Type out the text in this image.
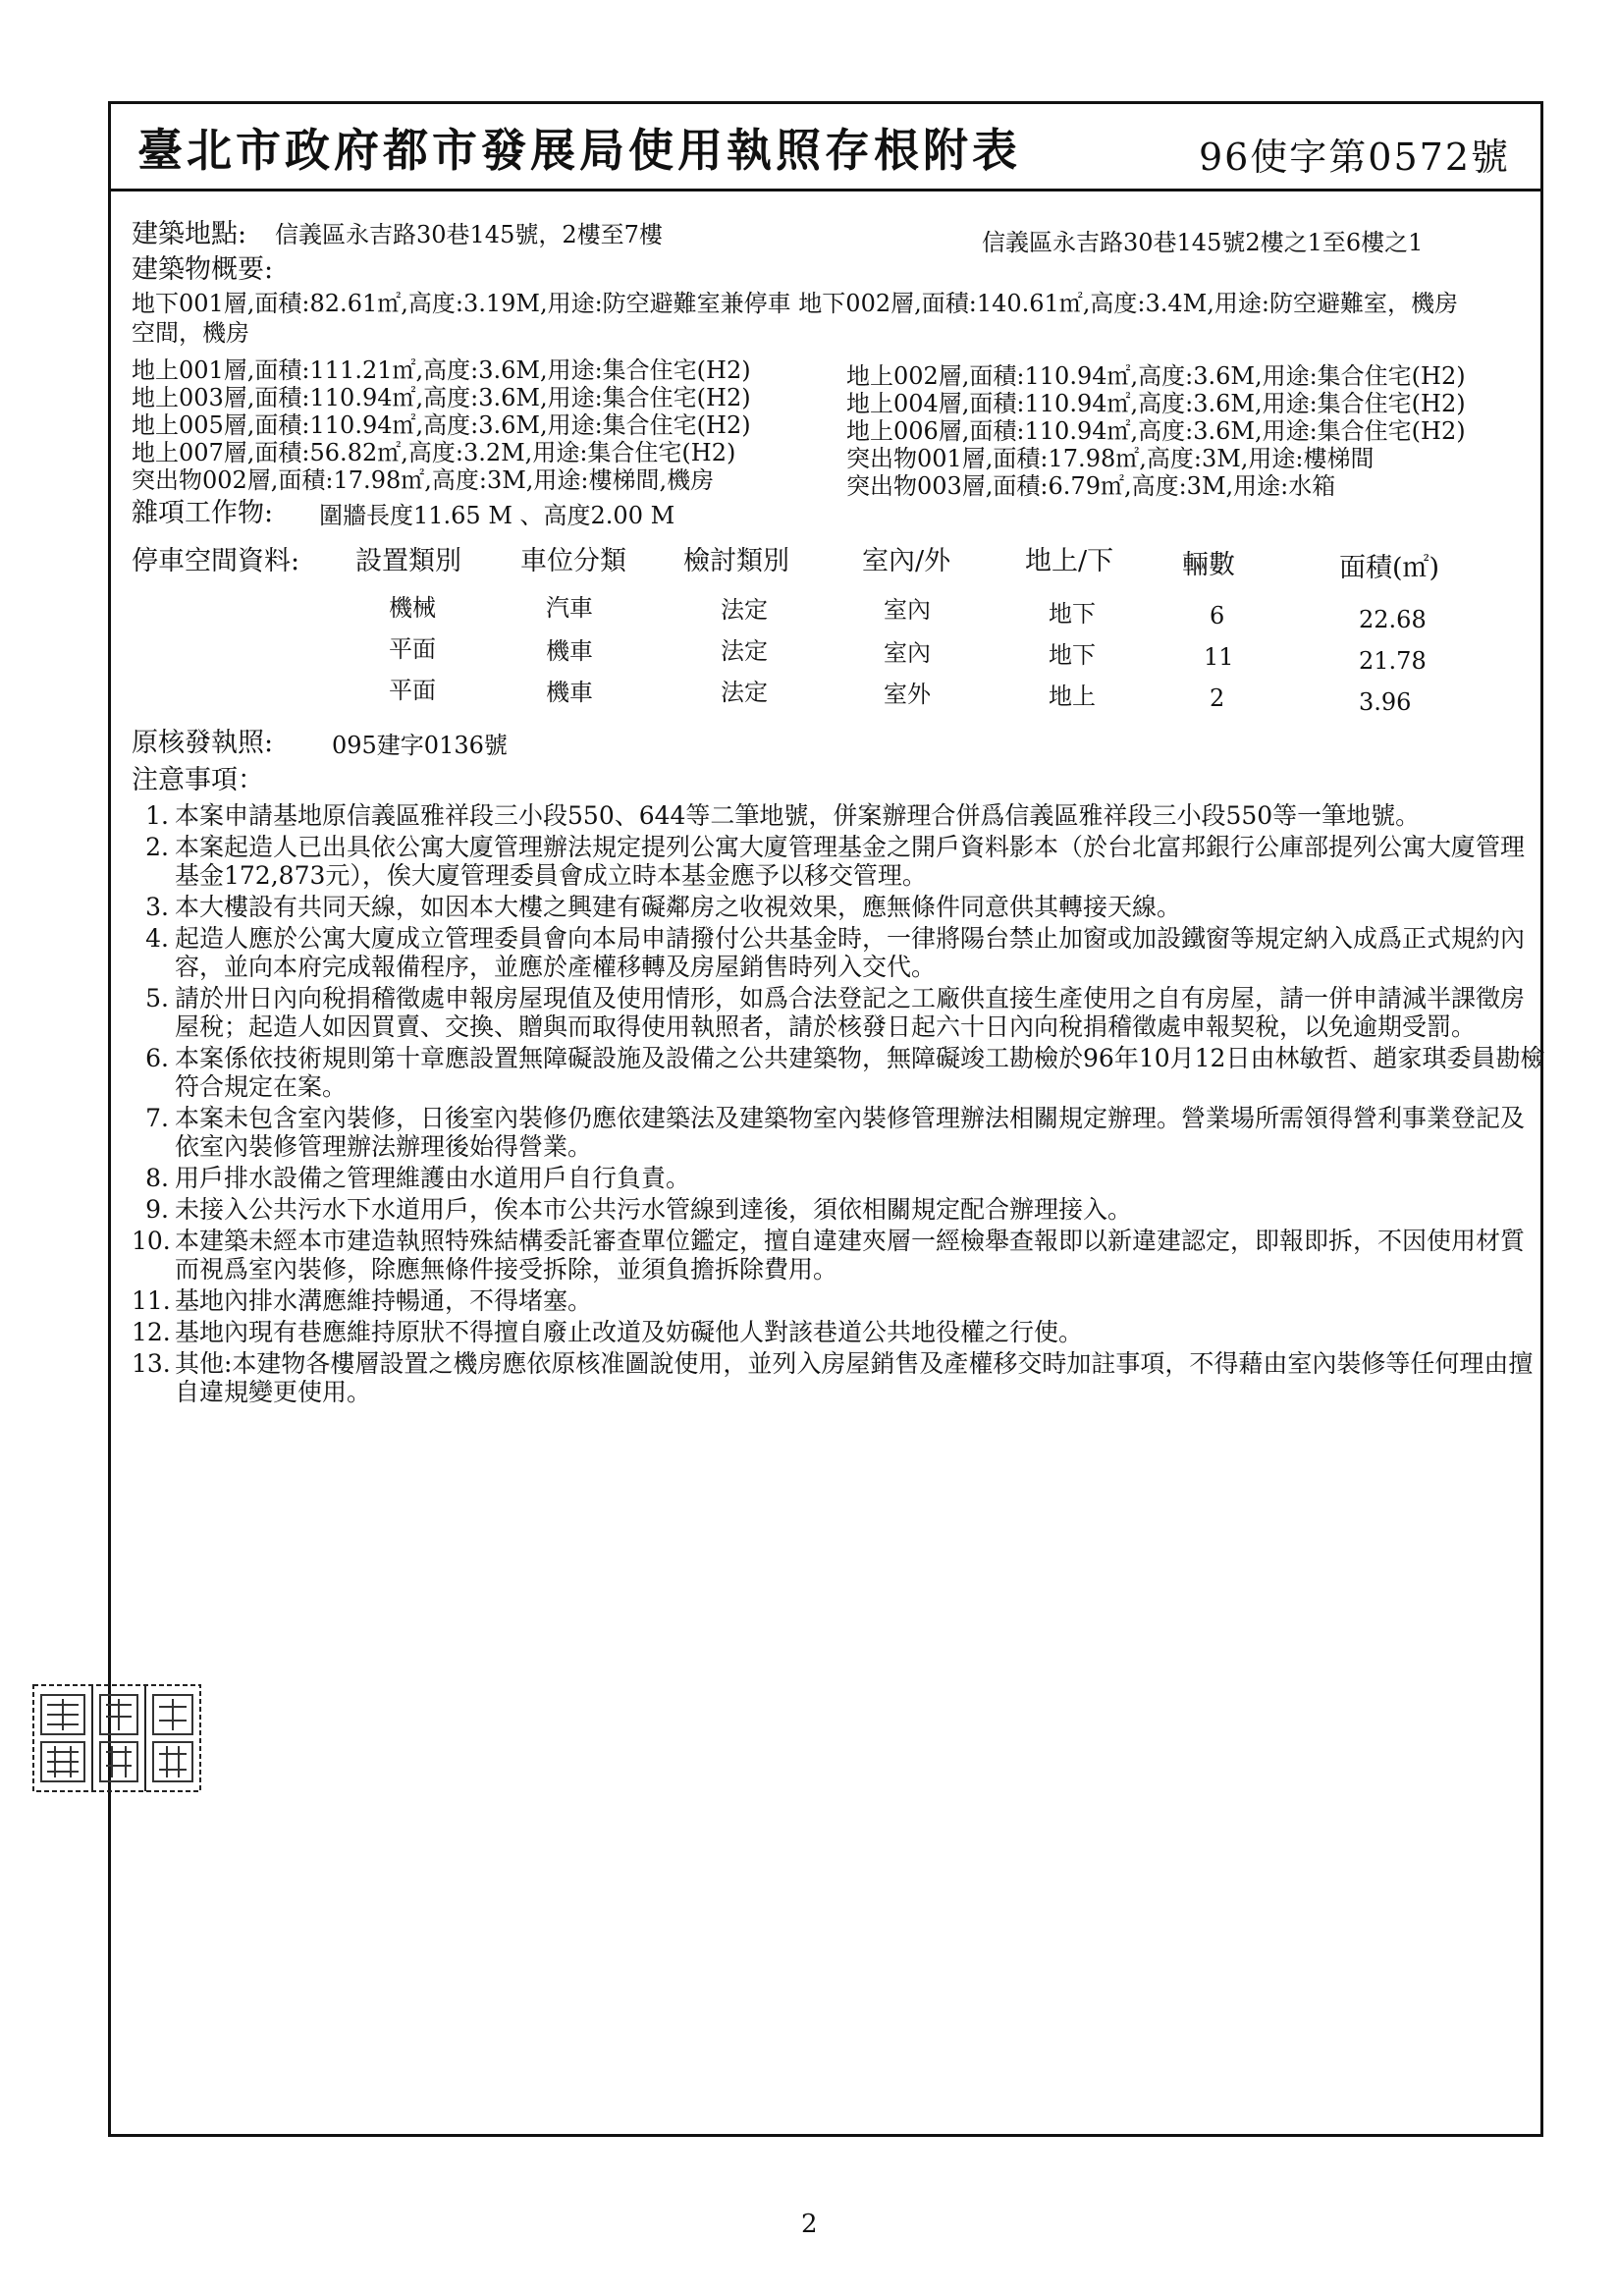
臺北市政府都市發展局使用執照存根附表	96使字第0572號
建築地點: 信義區永吉路30巷145號，2樓至7樓	信義區永吉路30巷145號2樓之1至6樓之1
建築物概要:
地下001層,面積:82.61㎡,高度:3.19M,用途:防空避難室兼停車 地下002層,面積:140.61㎡,高度:3.4M,用途:防空避難室，機房
空間，機房
地上001層,面積:111.21㎡,高度:3.6M,用途:集合住宅(H2)
地上003層,面積:110.94㎡,高度:3.6M,用途:集合住宅(H2)
地上005層,面積:110.94㎡,高度:3.6M,用途:集合住宅(H2)
地上007層,面積:56.82㎡,高度:3.2M,用途:集合住宅(H2)
突出物002層,面積:17.98㎡,高度:3M,用途:樓梯間,機房
地上002層,面積:110.94㎡,高度:3.6M,用途:集合住宅(H2)
地上004層,面積:110.94㎡,高度:3.6M,用途:集合住宅(H2)
地上006層,面積:110.94㎡,高度:3.6M,用途:集合住宅(H2)
突出物001層,面積:17.98㎡,高度:3M,用途:樓梯間
突出物003層,面積:6.79㎡,高度:3M,用途:水箱
雜項工作物: 圍牆長度11.65 M 、高度2.00 M
停車空間資料: 設置類別 車位分類 檢討類別	室內/外	地上/下	輛數	面積(㎡)
機械	汽車	法定	室內	地下	6	22.68
平面	機車	法定	室內	地下	11	21.78
平面	機車	法定	室外	地上	2	3.96
原核發執照: 095建字0136號
注意事項：
1. 本案申請基地原信義區雅祥段三小段550、644等二筆地號，併案辦理合併爲信義區雅祥段三小段550等一筆地號。
2. 本案起造人已出具依公寓大廈管理辦法規定提列公寓大廈管理基金之開戶資料影本（於台北富邦銀行公庫部提列公寓大廈管理基金172,873元），俟大廈管理委員會成立時本基金應予以移交管理。
3. 本大樓設有共同天線，如因本大樓之興建有礙鄰房之收視效果，應無條件同意供其轉接天線。
4. 起造人應於公寓大廈成立管理委員會向本局申請撥付公共基金時，一律將陽台禁止加窗或加設鐵窗等規定納入成爲正式規約內容，並向本府完成報備程序，並應於產權移轉及房屋銷售時列入交代。
5. 請於卅日內向稅捐稽徵處申報房屋現值及使用情形，如爲合法登記之工廠供直接生產使用之自有房屋，請一併申請減半課徵房屋稅；起造人如因買賣、交換、贈與而取得使用執照者，請於核發日起六十日內向稅捐稽徵處申報契稅，以免逾期受罰。
6. 本案係依技術規則第十章應設置無障礙設施及設備之公共建築物，無障礙竣工勘檢於96年10月12日由林敏哲、趙家琪委員勘檢符合規定在案。
7. 本案未包含室內裝修，日後室內裝修仍應依建築法及建築物室內裝修管理辦法相關規定辦理。營業場所需領得營利事業登記及依室內裝修管理辦法辦理後始得營業。
8. 用戶排水設備之管理維護由水道用戶自行負責。
9. 未接入公共污水下水道用戶，俟本市公共污水管線到達後，須依相關規定配合辦理接入。
10. 本建築未經本市建造執照特殊結構委託審查單位鑑定，擅自違建夾層一經檢舉查報即以新違建認定，即報即拆，不因使用材質而視爲室內裝修，除應無條件接受拆除，並須負擔拆除費用。
11. 基地內排水溝應維持暢通，不得堵塞。
12. 基地內現有巷應維持原狀不得擅自廢止改道及妨礙他人對該巷道公共地役權之行使。
13. 其他:本建物各樓層設置之機房應依原核准圖說使用，並列入房屋銷售及產權移交時加註事項，不得藉由室內裝修等任何理由擅自違規變更使用。
2
